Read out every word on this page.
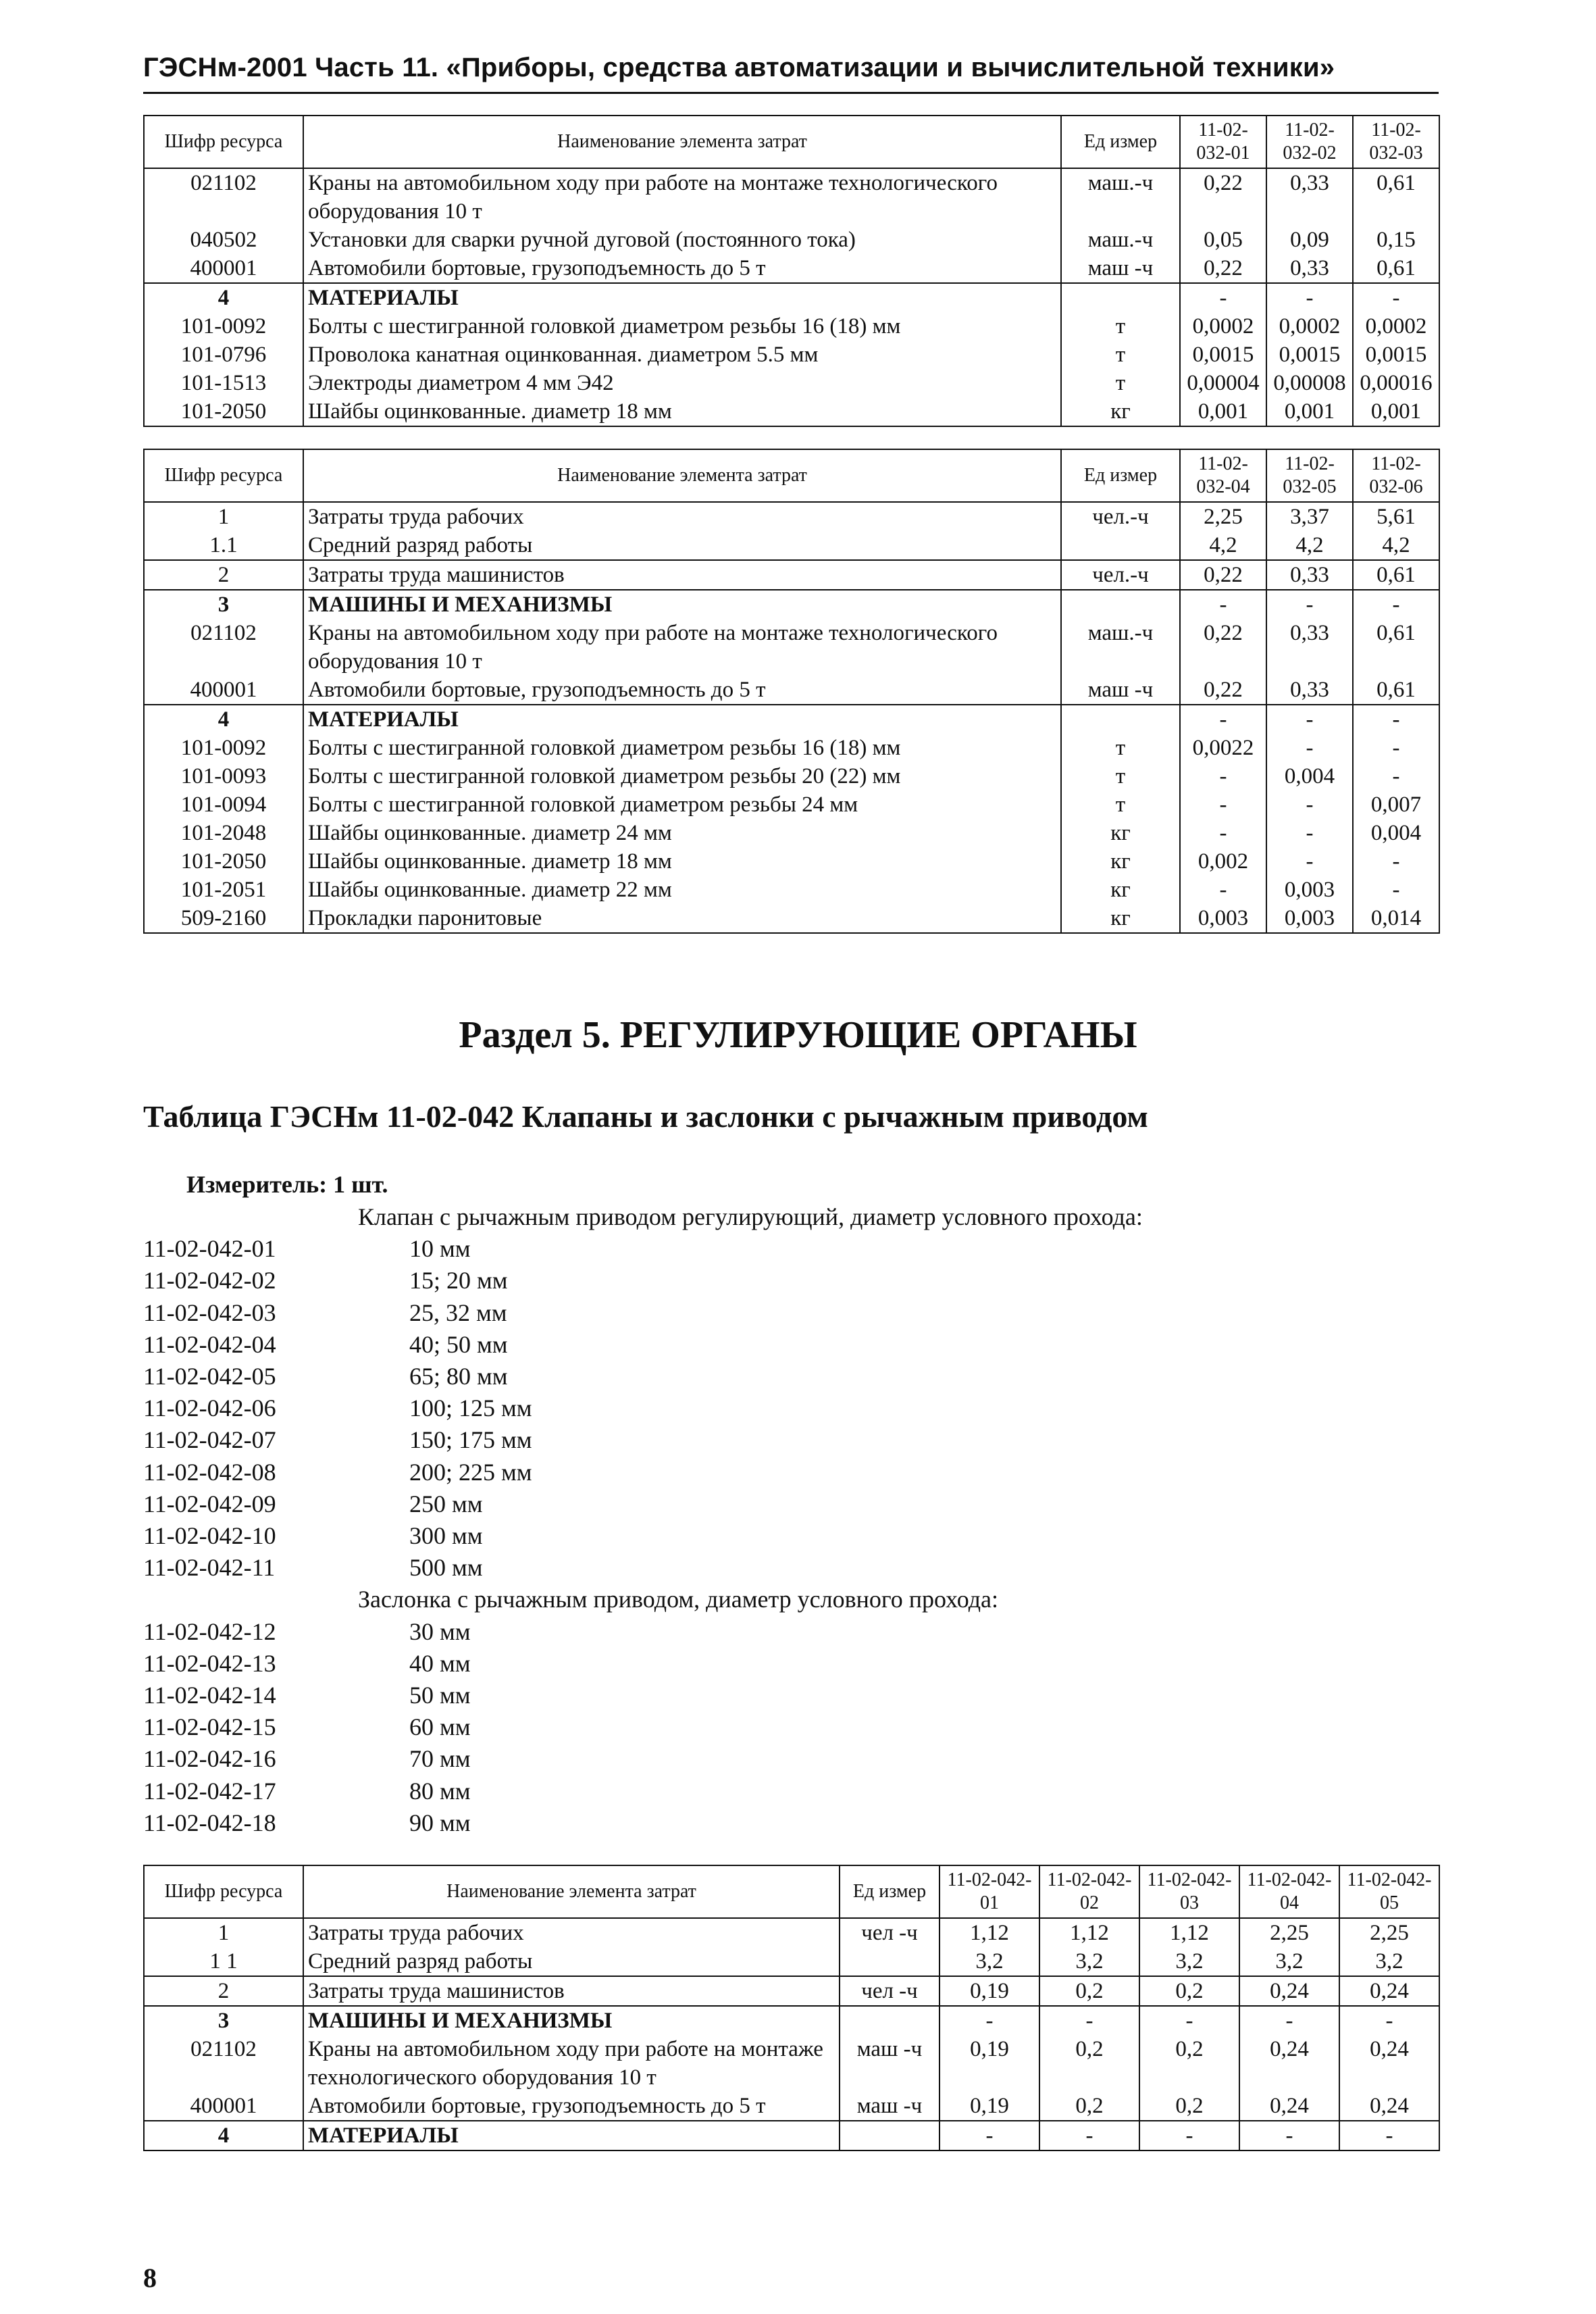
ГЭСНм-2001 Часть 11. «Приборы, средства автоматизации и вычислительной техники»
Шифр ресурса	Наименование элемента затрат	Ед измер	11-02-032-01	11-02-032-02	11-02-032-03
021102	Краны на автомобильном ходу при работе на монтаже технологического оборудования 10 т	маш.-ч	0,22	0,33	0,61
040502	Установки для сварки ручной дуговой (постоянного тока)	маш.-ч	0,05	0,09	0,15
400001	Автомобили бортовые, грузоподъемность до 5 т	маш -ч	0,22	0,33	0,61
4	МАТЕРИАЛЫ		-	-	-
101-0092	Болты с шестигранной головкой диаметром резьбы 16 (18) мм	т	0,0002	0,0002	0,0002
101-0796	Проволока канатная оцинкованная. диаметром 5.5 мм	т	0,0015	0,0015	0,0015
101-1513	Электроды диаметром 4 мм Э42	т	0,00004	0,00008	0,00016
101-2050	Шайбы оцинкованные. диаметр 18 мм	кг	0,001	0,001	0,001
Шифр ресурса	Наименование элемента затрат	Ед измер	11-02-032-04	11-02-032-05	11-02-032-06
1	Затраты труда рабочих	чел.-ч	2,25	3,37	5,61
1.1	Средний разряд работы		4,2	4,2	4,2
2	Затраты труда машинистов	чел.-ч	0,22	0,33	0,61
3	МАШИНЫ И МЕХАНИЗМЫ		-	-	-
021102	Краны на автомобильном ходу при работе на монтаже технологического оборудования 10 т	маш.-ч	0,22	0,33	0,61
400001	Автомобили бортовые, грузоподъемность до 5 т	маш -ч	0,22	0,33	0,61
4	МАТЕРИАЛЫ		-	-	-
101-0092	Болты с шестигранной головкой диаметром резьбы 16 (18) мм	т	0,0022	-	-
101-0093	Болты с шестигранной головкой диаметром резьбы 20 (22) мм	т	-	0,004	-
101-0094	Болты с шестигранной головкой диаметром резьбы 24 мм	т	-	-	0,007
101-2048	Шайбы оцинкованные. диаметр 24 мм	кг	-	-	0,004
101-2050	Шайбы оцинкованные. диаметр 18 мм	кг	0,002	-	-
101-2051	Шайбы оцинкованные. диаметр 22 мм	кг	-	0,003	-
509-2160	Прокладки паронитовые	кг	0,003	0,003	0,014
Раздел 5. РЕГУЛИРУЮЩИЕ ОРГАНЫ
Таблица ГЭСНм 11-02-042 Клапаны и заслонки с рычажным приводом
Измеритель: 1 шт.
Клапан с рычажным приводом регулирующий, диаметр условного прохода:
11-02-042-01	10 мм
11-02-042-02	15; 20 мм
11-02-042-03	25, 32 мм
11-02-042-04	40; 50 мм
11-02-042-05	65; 80 мм
11-02-042-06	100; 125 мм
11-02-042-07	150; 175 мм
11-02-042-08	200; 225 мм
11-02-042-09	250 мм
11-02-042-10	300 мм
11-02-042-11	500 мм
Заслонка с рычажным приводом, диаметр условного прохода:
11-02-042-12	30 мм
11-02-042-13	40 мм
11-02-042-14	50 мм
11-02-042-15	60 мм
11-02-042-16	70 мм
11-02-042-17	80 мм
11-02-042-18	90 мм
Шифр ресурса	Наименование элемента затрат	Ед измер	11-02-042-01	11-02-042-02	11-02-042-03	11-02-042-04	11-02-042-05
1	Затраты труда рабочих	чел -ч	1,12	1,12	1,12	2,25	2,25
1 1	Средний разряд работы		3,2	3,2	3,2	3,2	3,2
2	Затраты труда машинистов	чел -ч	0,19	0,2	0,2	0,24	0,24
3	МАШИНЫ И МЕХАНИЗМЫ		-	-	-	-	-
021102	Краны на автомобильном ходу при работе на монтаже технологического оборудования 10 т	маш -ч	0,19	0,2	0,2	0,24	0,24
400001	Автомобили бортовые, грузоподъемность до 5 т	маш -ч	0,19	0,2	0,2	0,24	0,24
4	МАТЕРИАЛЫ		-	-	-	-	-
8
